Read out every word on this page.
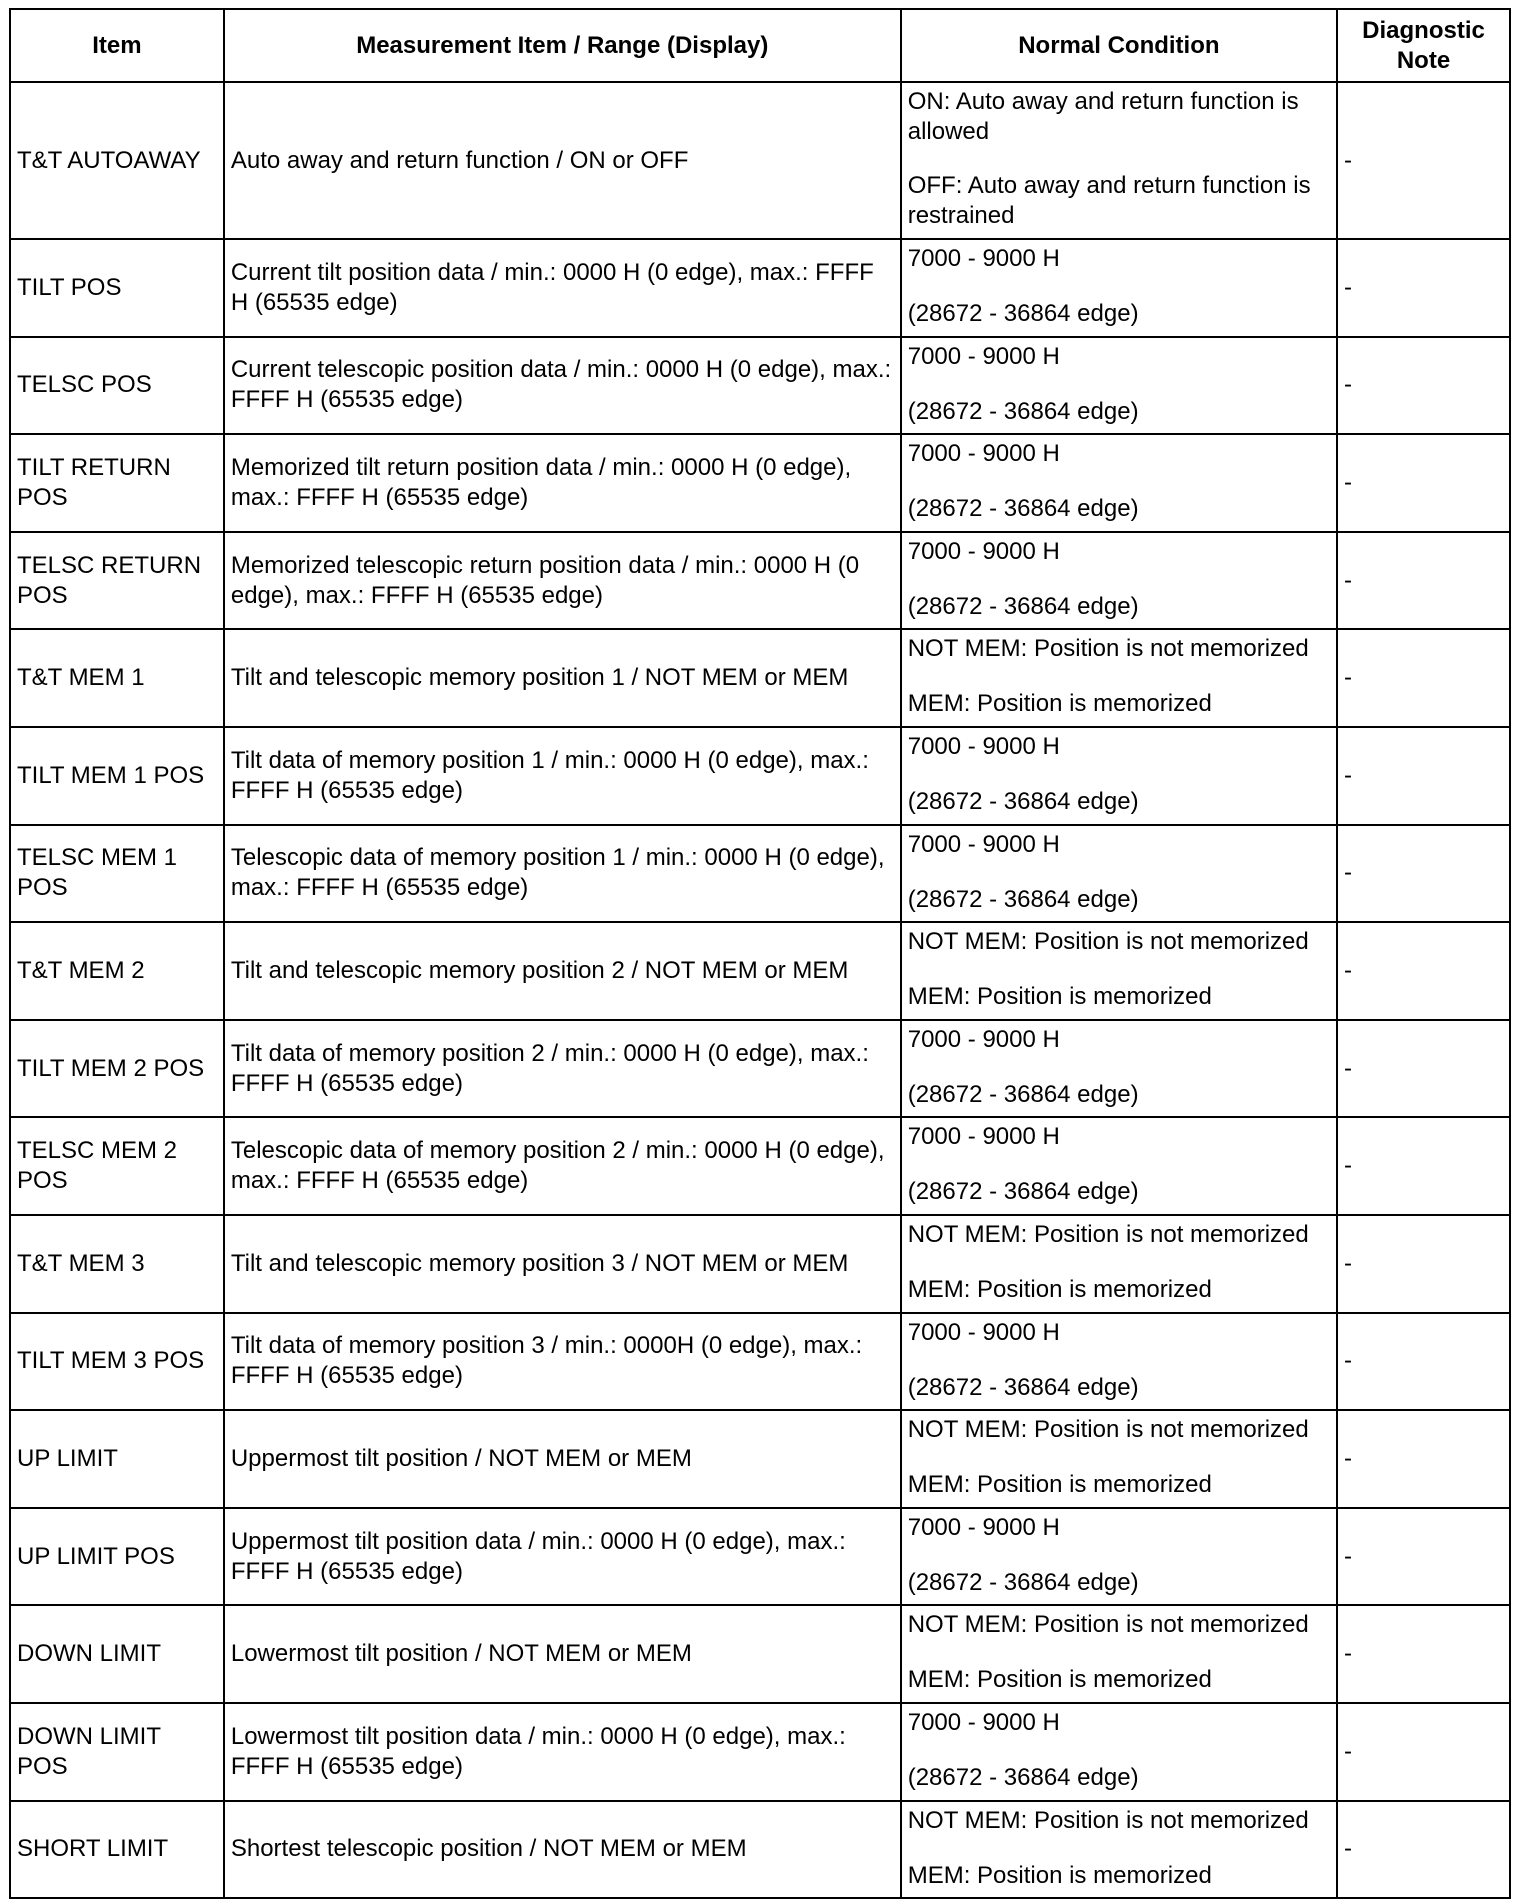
Item	Measurement Item / Range (Display)	Normal Condition	Diagnostic
Note
T&T AUTOAWAY	Auto away and return function / ON or OFF	ON: Auto away and return function is allowed

OFF: Auto away and return function is restrained	-
TILT POS	Current tilt position data / min.: 0000 H (0 edge), max.: FFFF H (65535 edge)	7000 - 9000 H

(28672 - 36864 edge)	-
TELSC POS	Current telescopic position data / min.: 0000 H (0 edge), max.: FFFF H (65535 edge)	7000 - 9000 H

(28672 - 36864 edge)	-
TILT RETURN POS	Memorized tilt return position data / min.: 0000 H (0 edge), max.: FFFF H (65535 edge)	7000 - 9000 H

(28672 - 36864 edge)	-
TELSC RETURN POS	Memorized telescopic return position data / min.: 0000 H (0 edge), max.: FFFF H (65535 edge)	7000 - 9000 H

(28672 - 36864 edge)	-
T&T MEM 1	Tilt and telescopic memory position 1 / NOT MEM or MEM	NOT MEM: Position is not memorized

MEM: Position is memorized	-
TILT MEM 1 POS	Tilt data of memory position 1 / min.: 0000 H (0 edge), max.: FFFF H (65535 edge)	7000 - 9000 H

(28672 - 36864 edge)	-
TELSC MEM 1 POS	Telescopic data of memory position 1 / min.: 0000 H (0 edge), max.: FFFF H (65535 edge)	7000 - 9000 H

(28672 - 36864 edge)	-
T&T MEM 2	Tilt and telescopic memory position 2 / NOT MEM or MEM	NOT MEM: Position is not memorized

MEM: Position is memorized	-
TILT MEM 2 POS	Tilt data of memory position 2 / min.: 0000 H (0 edge), max.: FFFF H (65535 edge)	7000 - 9000 H

(28672 - 36864 edge)	-
TELSC MEM 2 POS	Telescopic data of memory position 2 / min.: 0000 H (0 edge), max.: FFFF H (65535 edge)	7000 - 9000 H

(28672 - 36864 edge)	-
T&T MEM 3	Tilt and telescopic memory position 3 / NOT MEM or MEM	NOT MEM: Position is not memorized

MEM: Position is memorized	-
TILT MEM 3 POS	Tilt data of memory position 3 / min.: 0000H (0 edge), max.: FFFF H (65535 edge)	7000 - 9000 H

(28672 - 36864 edge)	-
UP LIMIT	Uppermost tilt position / NOT MEM or MEM	NOT MEM: Position is not memorized

MEM: Position is memorized	-
UP LIMIT POS	Uppermost tilt position data / min.: 0000 H (0 edge), max.: FFFF H (65535 edge)	7000 - 9000 H

(28672 - 36864 edge)	-
DOWN LIMIT	Lowermost tilt position / NOT MEM or MEM	NOT MEM: Position is not memorized

MEM: Position is memorized	-
DOWN LIMIT POS	Lowermost tilt position data / min.: 0000 H (0 edge), max.: FFFF H (65535 edge)	7000 - 9000 H

(28672 - 36864 edge)	-
SHORT LIMIT	Shortest telescopic position / NOT MEM or MEM	NOT MEM: Position is not memorized

MEM: Position is memorized	-
